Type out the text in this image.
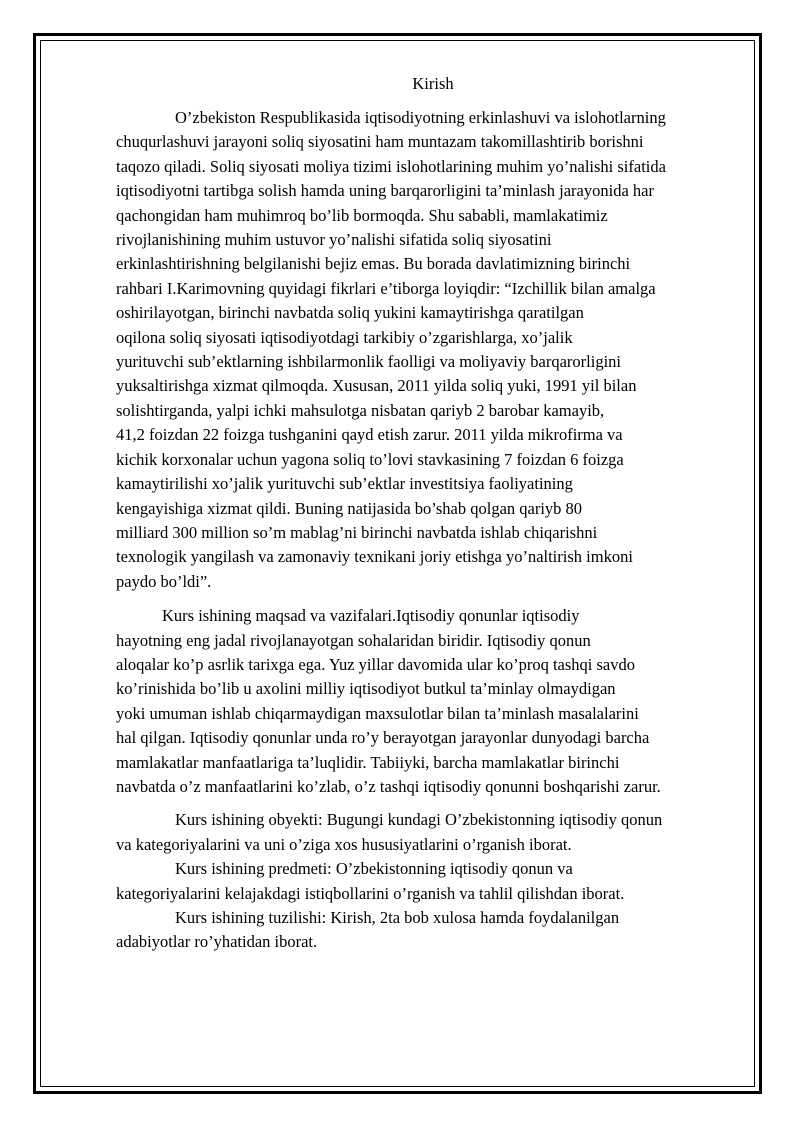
Kirish
O’zbekiston Respublikasida iqtisodiyotning erkinlashuvi va islohotlarning
chuqurlashuvi jarayoni soliq siyosatini ham muntazam takomillashtirib borishni
taqozo qiladi. Soliq siyosati moliya tizimi islohotlarining muhim yo’nalishi sifatida
iqtisodiyotni tartibga solish hamda uning barqarorligini ta’minlash jarayonida har
qachongidan ham muhimroq bo’lib bormoqda. Shu sababli, mamlakatimiz
rivojlanishining muhim ustuvor yo’nalishi sifatida soliq siyosatini
erkinlashtirishning belgilanishi bejiz emas. Bu borada davlatimizning birinchi
rahbari I.Karimovning quyidagi fikrlari e’tiborga loyiqdir: “Izchillik bilan amalga
oshirilayotgan, birinchi navbatda soliq yukini kamaytirishga qaratilgan
oqilona soliq siyosati iqtisodiyotdagi tarkibiy o’zgarishlarga, xo’jalik
yurituvchi sub’ektlarning ishbilarmonlik faolligi va moliyaviy barqarorligini
yuksaltirishga xizmat qilmoqda. Xususan, 2011 yilda soliq yuki, 1991 yil bilan
solishtirganda, yalpi ichki mahsulotga nisbatan qariyb 2 barobar kamayib,
41,2 foizdan 22 foizga tushganini qayd etish zarur. 2011 yilda mikrofirma va
kichik korxonalar uchun yagona soliq to’lovi stavkasining 7 foizdan 6 foizga
kamaytirilishi xo’jalik yurituvchi sub’ektlar investitsiya faoliyatining
kengayishiga xizmat qildi. Buning natijasida bo’shab qolgan qariyb 80
milliard 300 million so’m mablag’ni birinchi navbatda ishlab chiqarishni
texnologik yangilash va zamonaviy texnikani joriy etishga yo’naltirish imkoni
paydo bo’ldi”.
Kurs ishining maqsad va vazifalari.Iqtisodiy qonunlar iqtisodiy
hayotning eng jadal rivojlanayotgan sohalaridan biridir. Iqtisodiy qonun
aloqalar ko’p asrlik tarixga ega. Yuz yillar davomida ular ko’proq tashqi savdo
ko’rinishida bo’lib u axolini milliy iqtisodiyot butkul ta’minlay olmaydigan
yoki umuman ishlab chiqarmaydigan maxsulotlar bilan ta’minlash masalalarini
hal qilgan. Iqtisodiy qonunlar unda ro’y berayotgan jarayonlar dunyodagi barcha
mamlakatlar manfaatlariga ta’luqlidir. Tabiiyki, barcha mamlakatlar birinchi
navbatda o’z manfaatlarini ko’zlab, o’z tashqi iqtisodiy qonunni boshqarishi zarur.
Kurs ishining obyekti: Bugungi kundagi O’zbekistonning iqtisodiy qonun
va kategoriyalarini va uni o’ziga xos hususiyatlarini o’rganish iborat.
Kurs ishining predmeti: O’zbekistonning iqtisodiy qonun va
kategoriyalarini kelajakdagi istiqbollarini o’rganish va tahlil qilishdan iborat.
Kurs ishining tuzilishi: Kirish, 2ta bob xulosa hamda foydalanilgan
adabiyotlar ro’yhatidan iborat.
